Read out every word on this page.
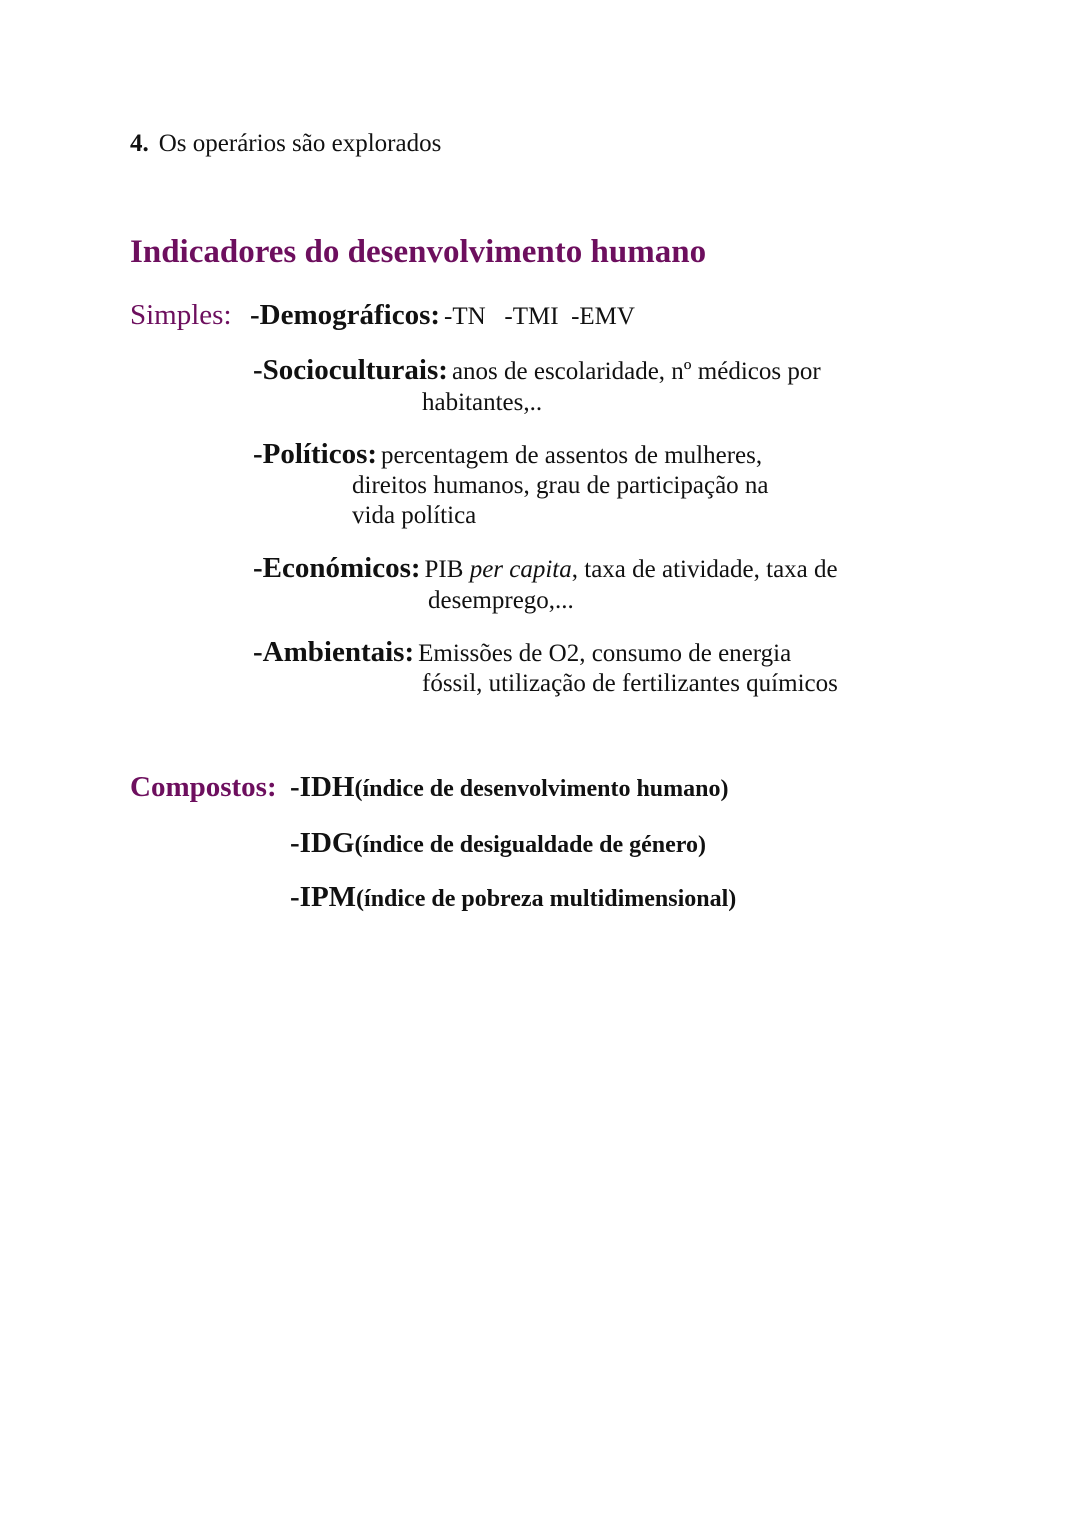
4. Os operários são explorados
Indicadores do desenvolvimento humano
Simples: -Demográficos: -TN   -TMI  -EMV
-Socioculturais: anos de escolaridade, nº médicos por
habitantes,..
-Políticos: percentagem de assentos de mulheres,
direitos humanos, grau de participação na
vida política
-Económicos: PIB per capita, taxa de atividade, taxa de
desemprego,...
-Ambientais: Emissões de O2, consumo de energia
fóssil, utilização de fertilizantes químicos
Compostos: -IDH(índice de desenvolvimento humano)
-IDG(índice de desigualdade de género)
-IPM(índice de pobreza multidimensional)
